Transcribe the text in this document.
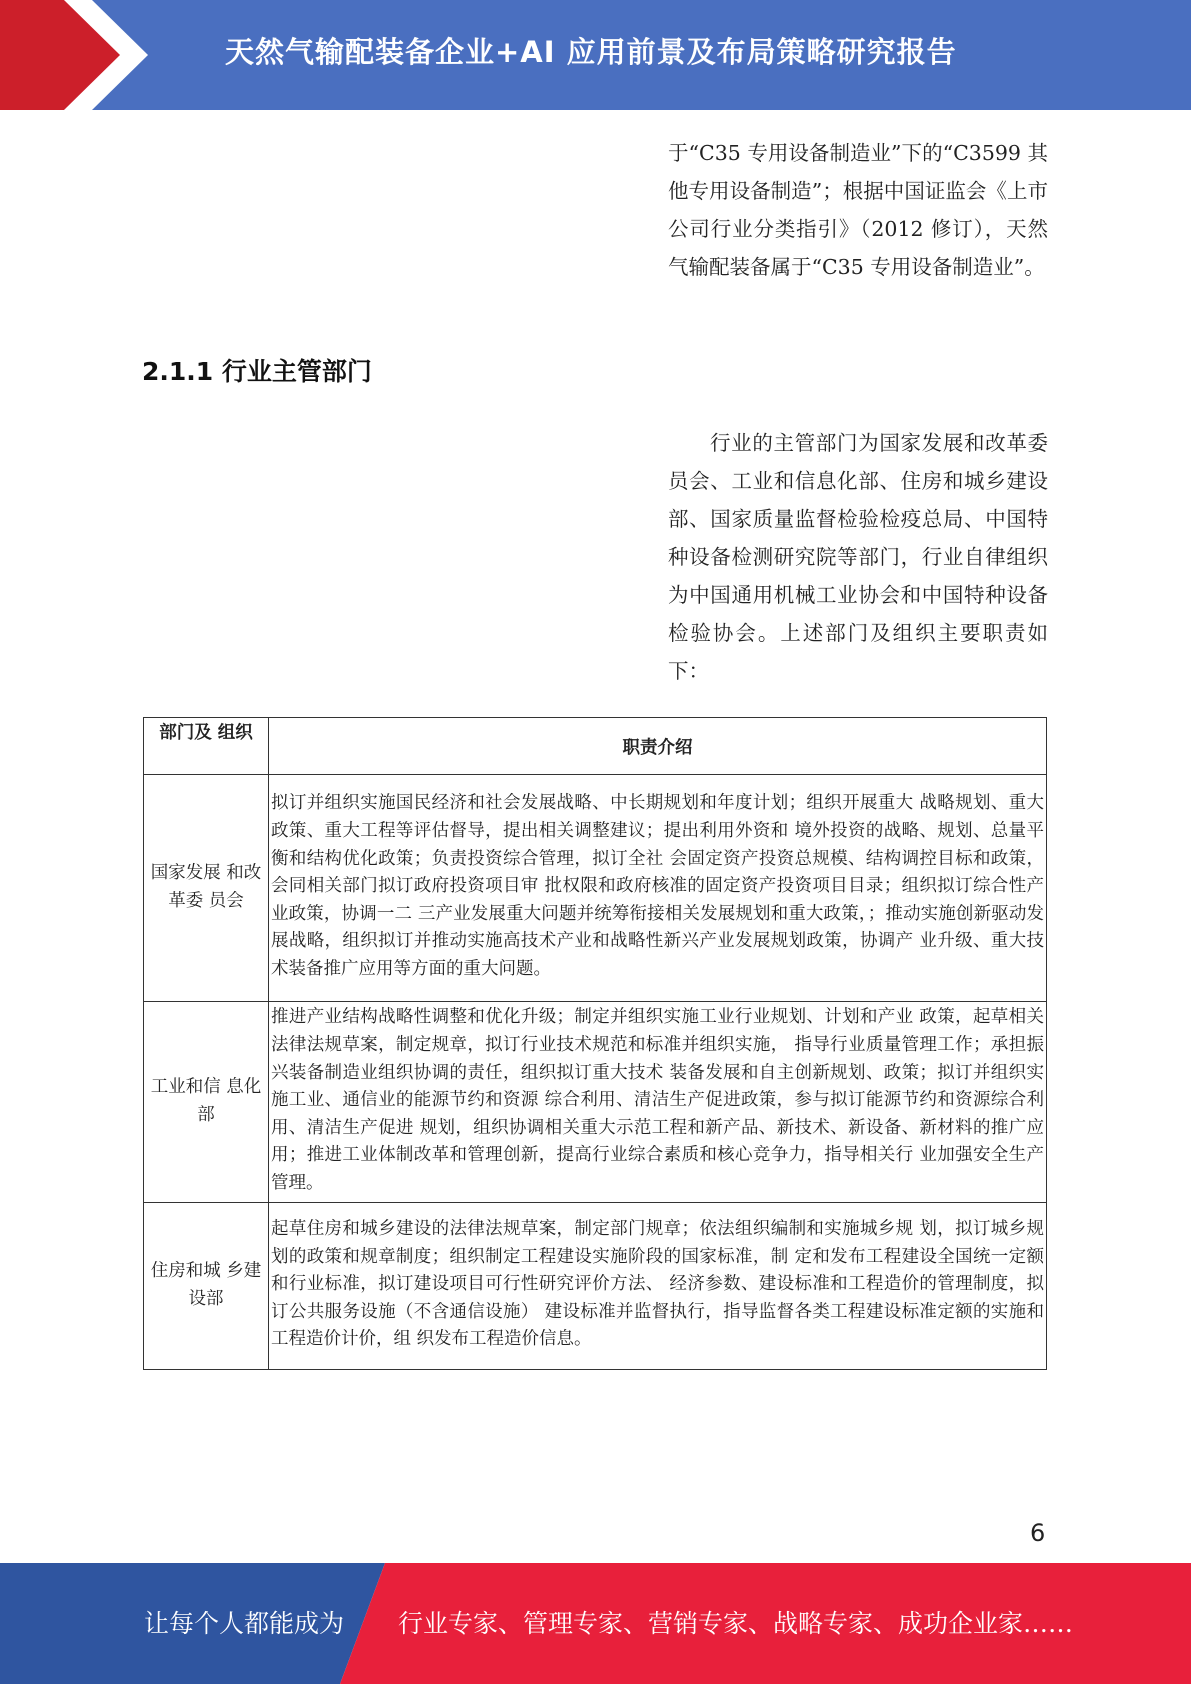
天然气输配装备企业+AI 应用前景及布局策略研究报告
于“C35 专用设备制造业”下的“C3599 其他专用设备制造”；根据中国证监会《上市公司行业分类指引》（2012 修订），天然气输配装备属于“C35 专用设备制造业”。
2.1.1 行业主管部门
行业的主管部门为国家发展和改革委员会、工业和信息化部、住房和城乡建设部、国家质量监督检验检疫总局、中国特种设备检测研究院等部门，行业自律组织为中国通用机械工业协会和中国特种设备检验协会。上述部门及组织主要职责如下：
部门及 组织	职责介绍
国家发展 和改革委 员会	拟订并组织实施国民经济和社会发展战略、中长期规划和年度计划；组织开展重大 战略规划、重大政策、重大工程等评估督导，提出相关调整建议；提出利用外资和 境外投资的战略、规划、总量平衡和结构优化政策；负责投资综合管理，拟订全社 会固定资产投资总规模、结构调控目标和政策，会同相关部门拟订政府投资项目审 批权限和政府核准的固定资产投资项目目录；组织拟订综合性产业政策，协调一二 三产业发展重大问题并统筹衔接相关发展规划和重大政策，；推动实施创新驱动发展战略，组织拟订并推动实施高技术产业和战略性新兴产业发展规划政策，协调产 业升级、重大技术装备推广应用等方面的重大问题。
工业和信 息化部	推进产业结构战略性调整和优化升级；制定并组织实施工业行业规划、计划和产业 政策，起草相关法律法规草案，制定规章，拟订行业技术规范和标准并组织实施， 指导行业质量管理工作；承担振兴装备制造业组织协调的责任，组织拟订重大技术 装备发展和自主创新规划、政策；拟订并组织实施工业、通信业的能源节约和资源 综合利用、清洁生产促进政策，参与拟订能源节约和资源综合利用、清洁生产促进 规划，组织协调相关重大示范工程和新产品、新技术、新设备、新材料的推广应 用；推进工业体制改革和管理创新，提高行业综合素质和核心竞争力，指导相关行 业加强安全生产管理。
住房和城 乡建设部	起草住房和城乡建设的法律法规草案，制定部门规章；依法组织编制和实施城乡规 划，拟订城乡规划的政策和规章制度；组织制定工程建设实施阶段的国家标准，制 定和发布工程建设全国统一定额和行业标准，拟订建设项目可行性研究评价方法、 经济参数、建设标准和工程造价的管理制度，拟订公共服务设施（不含通信设施） 建设标准并监督执行，指导监督各类工程建设标准定额的实施和工程造价计价，组 织发布工程造价信息。
6
让每个人都能成为 行业专家、管理专家、营销专家、战略专家、成功企业家……
